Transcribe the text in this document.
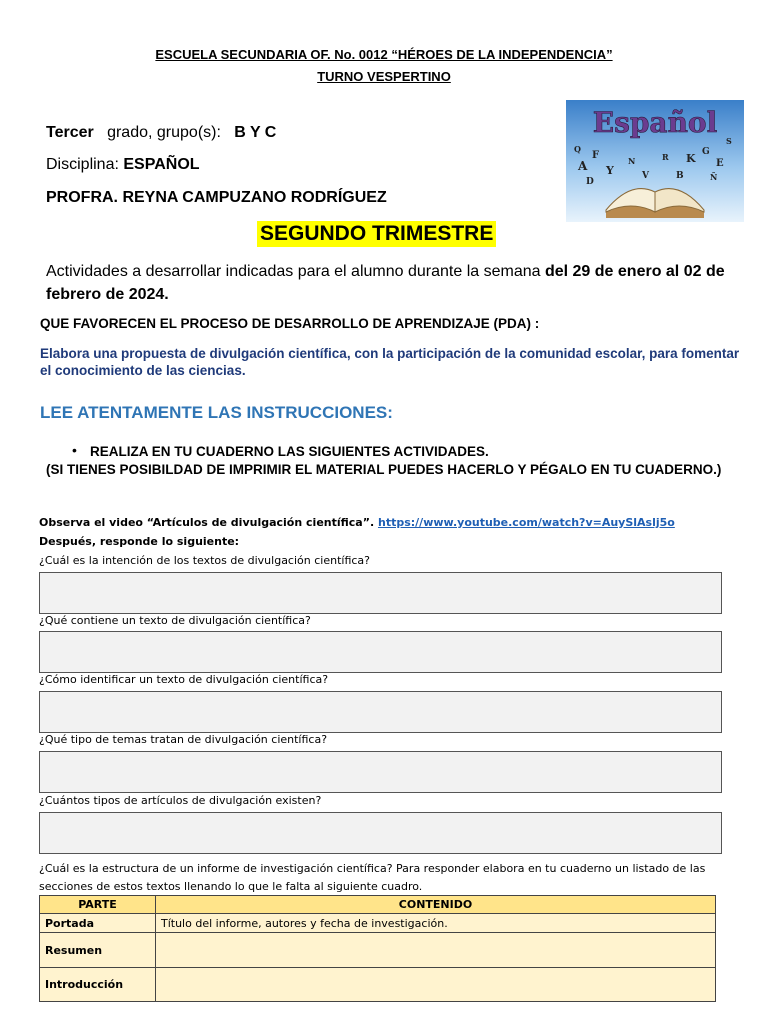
ESCUELA SECUNDARIA OF. No. 0012 “HÉROES DE LA INDEPENDENCIA”
TURNO VESPERTINO
Tercer grado, grupo(s): B Y C
Disciplina: ESPAÑOL
PROFRA. REYNA CAMPUZANO RODRÍGUEZ
A
F
Y
D
K G
E
B
N	R
S
Q
V	Ñ
Español
SEGUNDO TRIMESTRE
Actividades a desarrollar indicadas para el alumno durante la semana del 29 de enero al 02 de febrero de 2024.
QUE FAVORECEN EL PROCESO DE DESARROLLO DE APRENDIZAJE (PDA) :
Elabora una propuesta de divulgación científica, con la participación de la comunidad escolar, para fomentar el conocimiento de las ciencias.
LEE ATENTAMENTE LAS INSTRUCCIONES:
• REALIZA EN TU CUADERNO LAS SIGUIENTES ACTIVIDADES.
(SI TIENES POSIBILDAD DE IMPRIMIR EL MATERIAL PUEDES HACERLO Y PÉGALO EN TU CUADERNO.)
Observa el video “Artículos de divulgación científica”. https://www.youtube.com/watch?v=AuySlAslj5o
Después, responde lo siguiente:
¿Cuál es la intención de los textos de divulgación científica?
¿Qué contiene un texto de divulgación científica?
¿Cómo identificar un texto de divulgación científica?
¿Qué tipo de temas tratan de divulgación científica?
¿Cuántos tipos de artículos de divulgación existen?
¿Cuál es la estructura de un informe de investigación científica? Para responder elabora en tu cuaderno un listado de las secciones de estos textos llenando lo que le falta al siguiente cuadro.
PARTE	CONTENIDO
Portada	Título del informe, autores y fecha de investigación.
Resumen	
Introducción	
